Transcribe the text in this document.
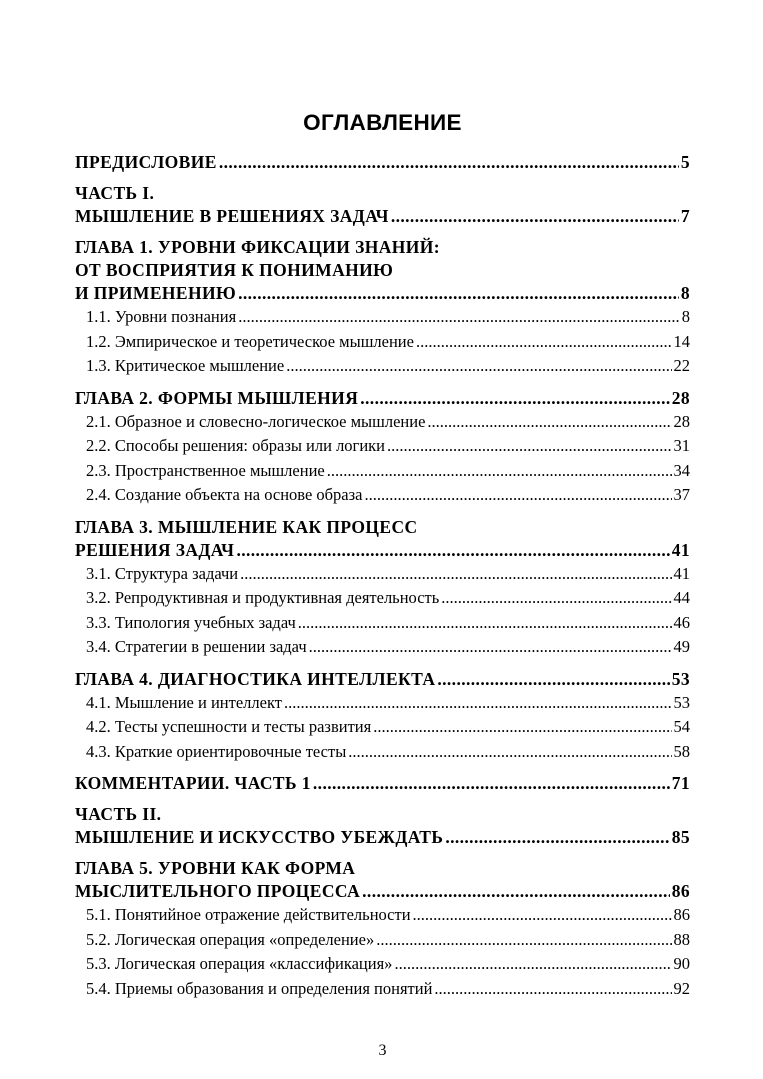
ОГЛАВЛЕНИЕ
ПРЕДИСЛОВИЕ .....	5
ЧАСТЬ I.
МЫШЛЕНИЕ В РЕШЕНИЯХ ЗАДАЧ .....	7
ГЛАВА 1. УРОВНИ ФИКСАЦИИ ЗНАНИЙ:
ОТ ВОСПРИЯТИЯ К ПОНИМАНИЮ
И ПРИМЕНЕНИЮ .....	8
1.1. Уровни познания .....	8
1.2. Эмпирическое и теоретическое мышление .....	14
1.3. Критическое мышление .....	22
ГЛАВА 2. ФОРМЫ МЫШЛЕНИЯ .....	28
2.1. Образное и словесно-логическое мышление .....	28
2.2. Способы решения: образы или логики .....	31
2.3. Пространственное мышление .....	34
2.4. Создание объекта на основе образа .....	37
ГЛАВА 3. МЫШЛЕНИЕ КАК ПРОЦЕСС
РЕШЕНИЯ ЗАДАЧ .....	41
3.1. Структура задачи .....	41
3.2. Репродуктивная и продуктивная деятельность .....	44
3.3. Типология учебных задач .....	46
3.4. Стратегии в решении задач .....	49
ГЛАВА 4. ДИАГНОСТИКА ИНТЕЛЛЕКТА .....	53
4.1. Мышление и интеллект .....	53
4.2. Тесты успешности и тесты развития .....	54
4.3. Краткие ориентировочные тесты .....	58
КОММЕНТАРИИ. ЧАСТЬ 1 .....	71
ЧАСТЬ II.
МЫШЛЕНИЕ И ИСКУССТВО УБЕЖДАТЬ .....	85
ГЛАВА 5. УРОВНИ КАК ФОРМА
МЫСЛИТЕЛЬНОГО ПРОЦЕССА .....	86
5.1. Понятийное отражение действительности .....	86
5.2. Логическая операция «определение» .....	88
5.3. Логическая операция «классификация» .....	90
5.4. Приемы образования и определения понятий .....	92
3
